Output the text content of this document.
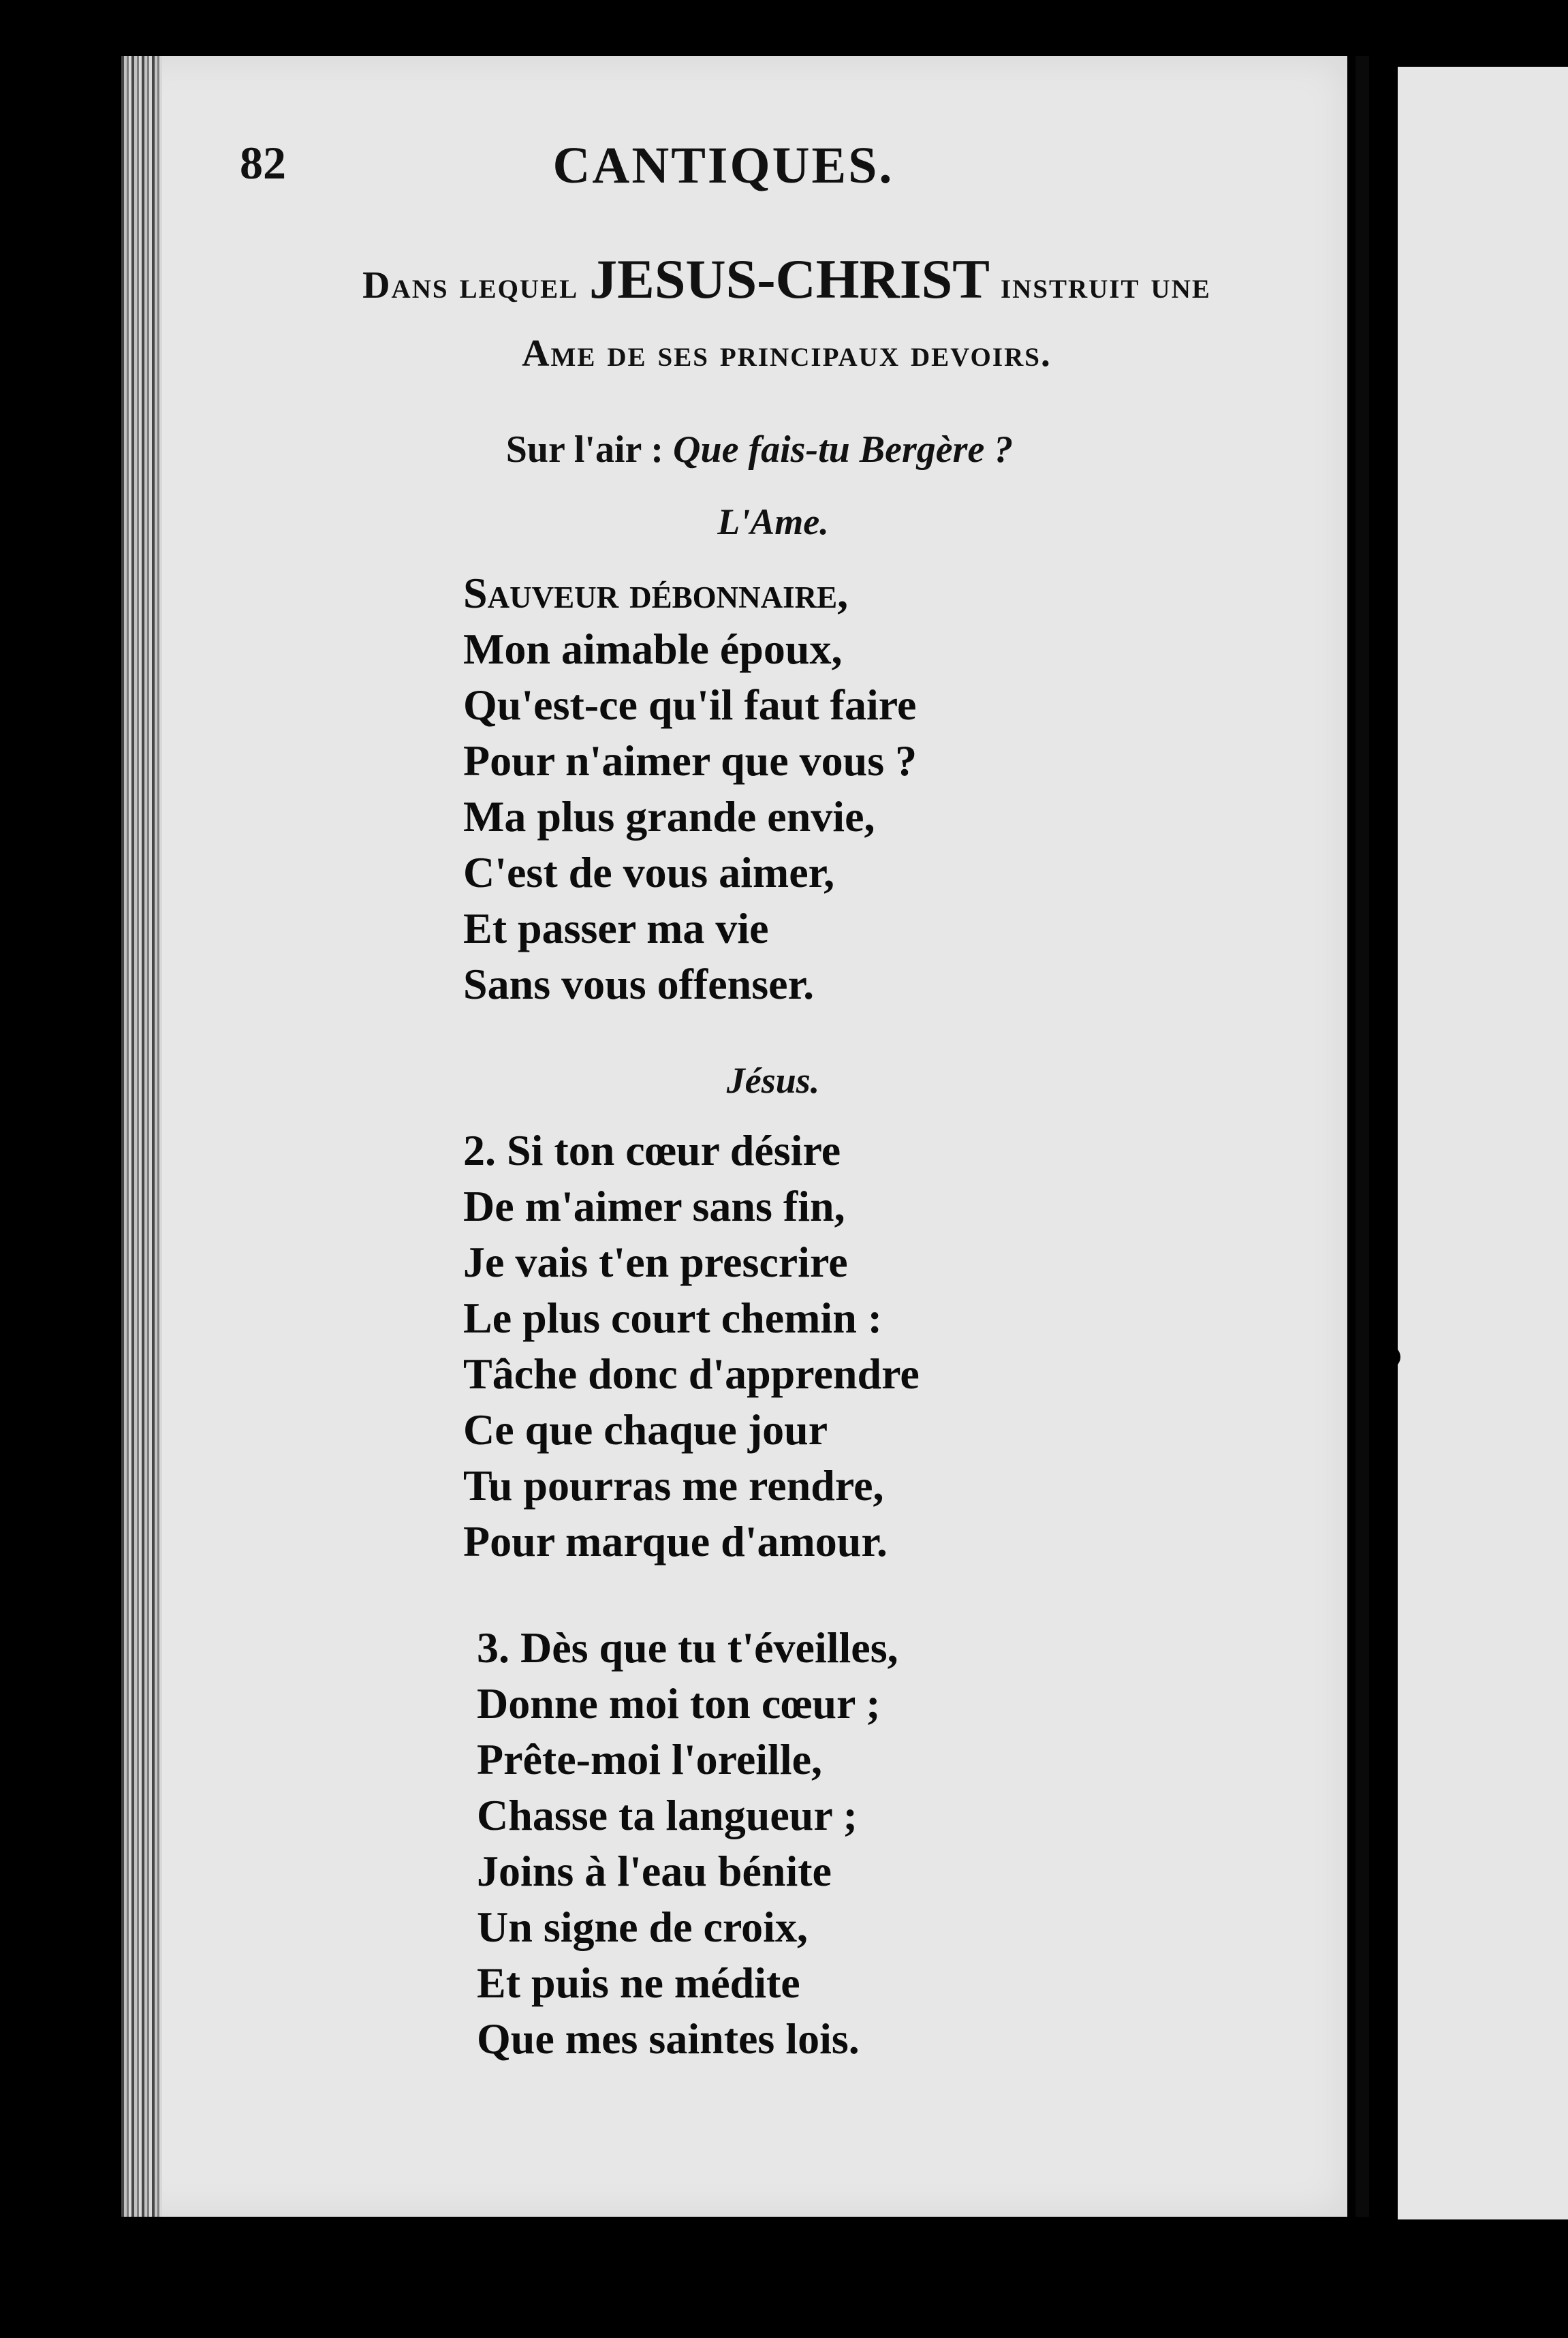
82	CANTIQUES.
Dans lequel JESUS-CHRIST instruit une
Ame de ses principaux devoirs.
Sur l'air : Que fais-tu Bergère ?
L'Ame.
Sauveur débonnaire,
Mon aimable époux,
Qu'est-ce qu'il faut faire
Pour n'aimer que vous ?
Ma plus grande envie,
C'est de vous aimer,
Et passer ma vie
Sans vous offenser.
Jésus.
2. Si ton cœur désire
De m'aimer sans fin,
Je vais t'en prescrire
Le plus court chemin :
Tâche donc d'apprendre
Ce que chaque jour
Tu pourras me rendre,
Pour marque d'amour.
3. Dès que tu t'éveilles,
Donne moi ton cœur ;
Prête-moi l'oreille,
Chasse ta langueur ;
Joins à l'eau bénite
Un signe de croix,
Et puis ne médite
Que mes saintes lois.
